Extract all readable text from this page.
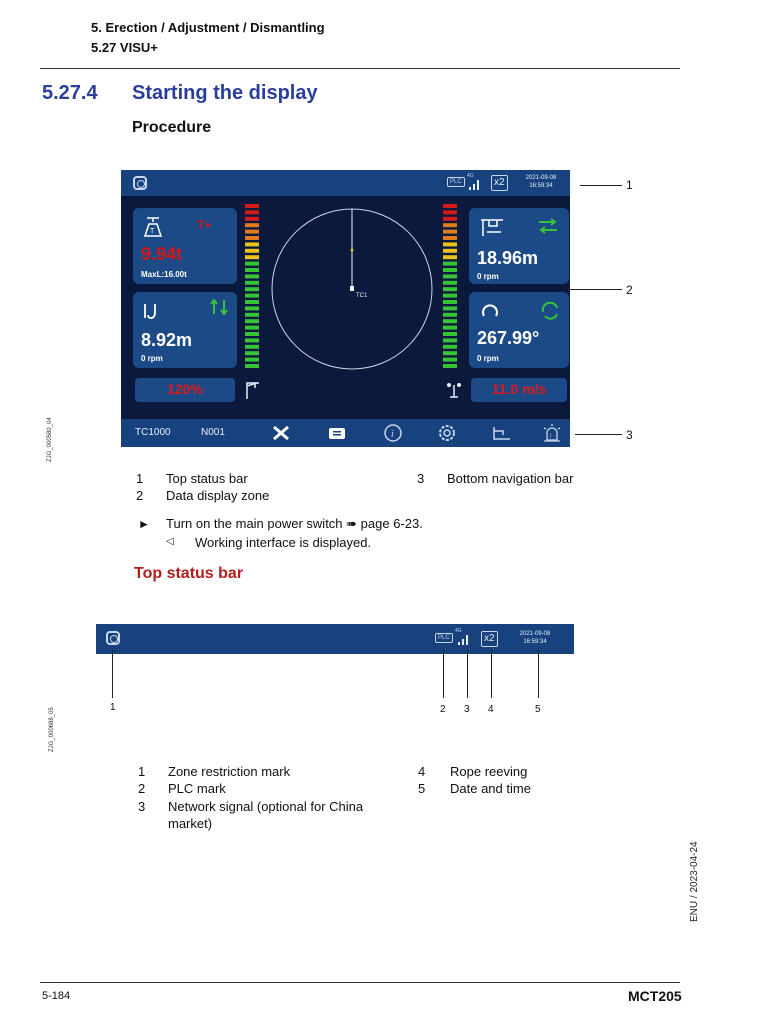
5. Erection / Adjustment / Dismantling
5.27 VISU+
5.27.4 Starting the display
Procedure
PLC
4G
x2	2021-09-08
16:59:34
T	T+
9.94t
MaxL:16.00t
8.92m
0 rpm
120%
TC1
18.96m
0 rpm
267.99°
0 rpm
11.0 m/s
TC1000	N001	i	!
1
2
3
ZJG_000580_04
1 Top status bar
2 Data display zone
3 Bottom navigation bar
► Turn on the main power switch ➠ page 6-23.
◁ Working interface is displayed.
Top status bar
PLC
4G
x2	2021-09-08
16:59:34
1	2 3 4	5
ZJG_000688_05
1 Zone restriction mark
2 PLC mark
3 Network signal (optional for China
market)
4 Rope reeving
5 Date and time
ENU / 2023-04-24
5-184	MCT205
